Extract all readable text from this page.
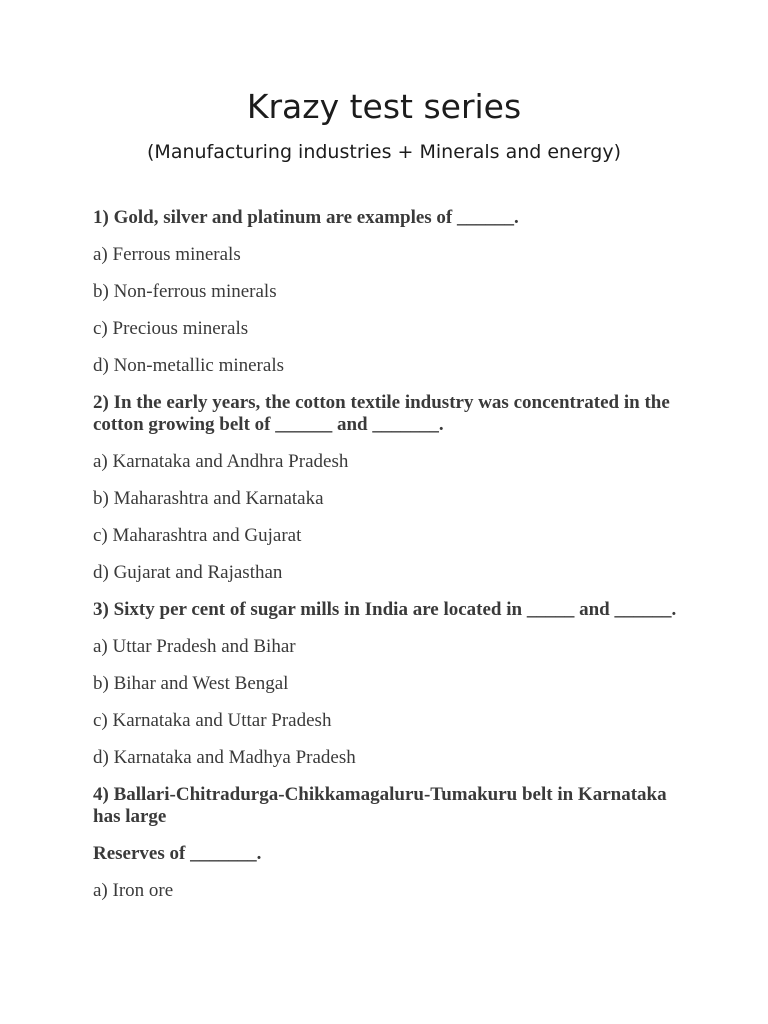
Krazy test series
(Manufacturing industries + Minerals and energy)
1) Gold, silver and platinum are examples of ______.
a) Ferrous minerals
b) Non-ferrous minerals
c) Precious minerals
d) Non-metallic minerals
2) In the early years, the cotton textile industry was concentrated in the cotton growing belt of ______ and _______.
a) Karnataka and Andhra Pradesh
b) Maharashtra and Karnataka
c) Maharashtra and Gujarat
d) Gujarat and Rajasthan
3) Sixty per cent of sugar mills in India are located in _____ and ______.
a) Uttar Pradesh and Bihar
b) Bihar and West Bengal
c) Karnataka and Uttar Pradesh
d) Karnataka and Madhya Pradesh
4) Ballari-Chitradurga-Chikkamagaluru-Tumakuru belt in Karnataka has large
Reserves of _______.
a) Iron ore
